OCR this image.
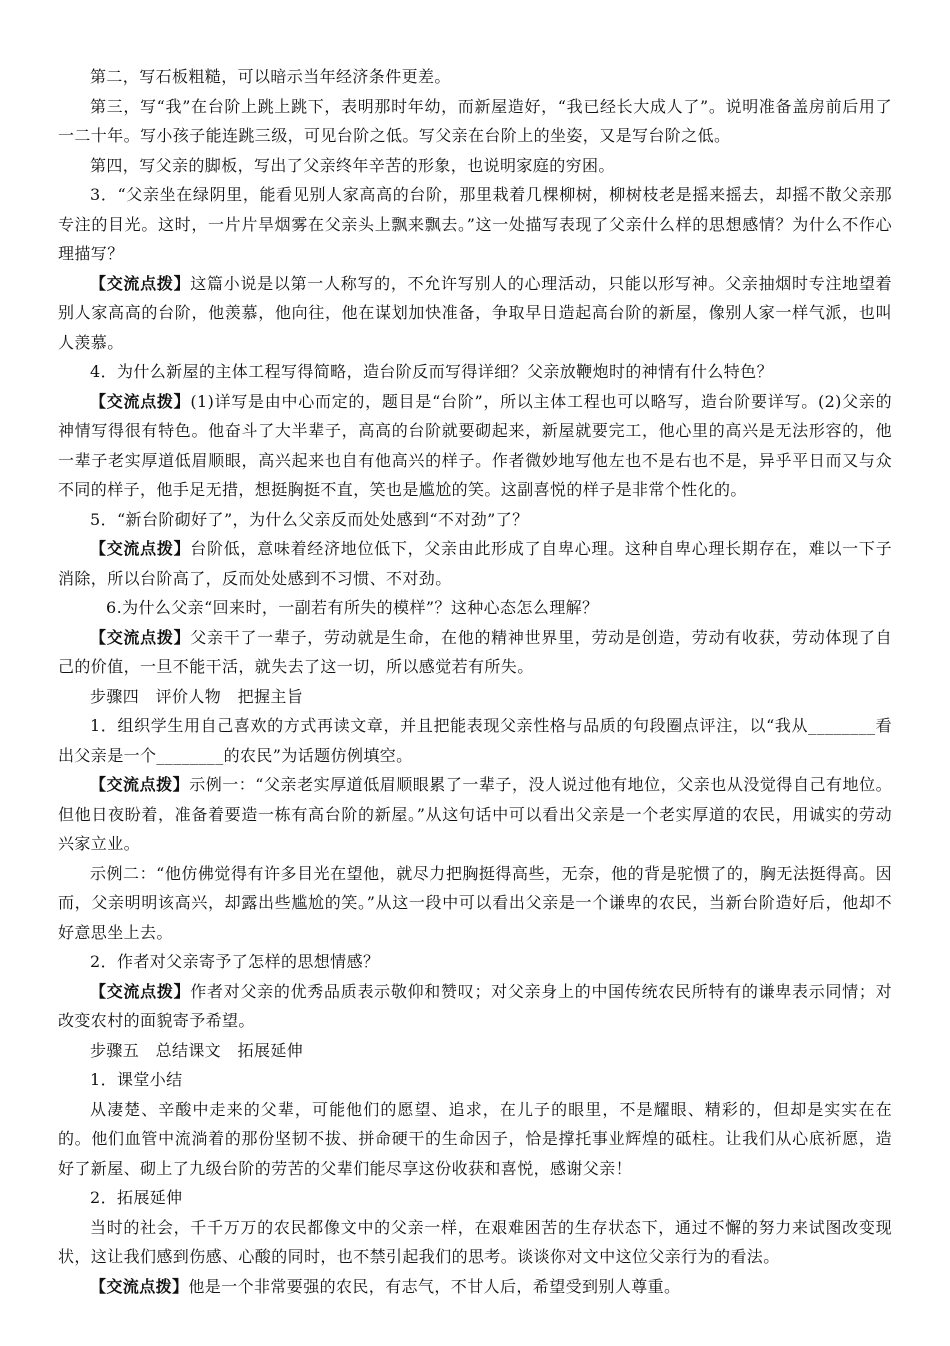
第二，写石板粗糙，可以暗示当年经济条件更差。

第三，写“我”在台阶上跳上跳下，表明那时年幼，而新屋造好，“我已经长大成人了”。说明准备盖房前后用了一二十年。写小孩子能连跳三级，可见台阶之低。写父亲在台阶上的坐姿，又是写台阶之低。

第四，写父亲的脚板，写出了父亲终年辛苦的形象，也说明家庭的穷困。

3．“父亲坐在绿阴里，能看见别人家高高的台阶，那里栽着几棵柳树，柳树枝老是摇来摇去，却摇不散父亲那专注的目光。这时，一片片旱烟雾在父亲头上飘来飘去。”这一处描写表现了父亲什么样的思想感情？为什么不作心理描写？

【交流点拨】这篇小说是以第一人称写的，不允许写别人的心理活动，只能以形写神。父亲抽烟时专注地望着别人家高高的台阶，他羡慕，他向往，他在谋划加快准备，争取早日造起高台阶的新屋，像别人家一样气派，也叫人羡慕。

4．为什么新屋的主体工程写得简略，造台阶反而写得详细？父亲放鞭炮时的神情有什么特色？

【交流点拨】(1)详写是由中心而定的，题目是“台阶”，所以主体工程也可以略写，造台阶要详写。(2)父亲的神情写得很有特色。他奋斗了大半辈子，高高的台阶就要砌起来，新屋就要完工，他心里的高兴是无法形容的，他一辈子老实厚道低眉顺眼，高兴起来也自有他高兴的样子。作者微妙地写他左也不是右也不是，异乎平日而又与众不同的样子，他手足无措，想挺胸挺不直，笑也是尴尬的笑。这副喜悦的样子是非常个性化的。

5．“新台阶砌好了”，为什么父亲反而处处感到“不对劲”了？

【交流点拨】台阶低，意味着经济地位低下，父亲由此形成了自卑心理。这种自卑心理长期存在，难以一下子消除，所以台阶高了，反而处处感到不习惯、不对劲。

6.为什么父亲“回来时，一副若有所失的模样”？这种心态怎么理解？

【交流点拨】父亲干了一辈子，劳动就是生命，在他的精神世界里，劳动是创造，劳动有收获，劳动体现了自己的价值，一旦不能干活，就失去了这一切，所以感觉若有所失。

步骤四　评价人物　把握主旨

1．组织学生用自己喜欢的方式再读文章，并且把能表现父亲性格与品质的句段圈点评注，以“我从________看出父亲是一个________的农民”为话题仿例填空。

【交流点拨】示例一：“父亲老实厚道低眉顺眼累了一辈子，没人说过他有地位，父亲也从没觉得自己有地位。但他日夜盼着，准备着要造一栋有高台阶的新屋。”从这句话中可以看出父亲是一个老实厚道的农民，用诚实的劳动兴家立业。

示例二：“他仿佛觉得有许多目光在望他，就尽力把胸挺得高些，无奈，他的背是驼惯了的，胸无法挺得高。因而，父亲明明该高兴，却露出些尴尬的笑。”从这一段中可以看出父亲是一个谦卑的农民，当新台阶造好后，他却不好意思坐上去。

2．作者对父亲寄予了怎样的思想情感？

【交流点拨】作者对父亲的优秀品质表示敬仰和赞叹；对父亲身上的中国传统农民所特有的谦卑表示同情；对改变农村的面貌寄予希望。

步骤五　总结课文　拓展延伸

1．课堂小结

从凄楚、辛酸中走来的父辈，可能他们的愿望、追求，在儿子的眼里，不是耀眼、精彩的，但却是实实在在的。他们血管中流淌着的那份坚韧不拔、拼命硬干的生命因子，恰是撑托事业辉煌的砥柱。让我们从心底祈愿，造好了新屋、砌上了九级台阶的劳苦的父辈们能尽享这份收获和喜悦，感谢父亲！

2．拓展延伸

当时的社会，千千万万的农民都像文中的父亲一样，在艰难困苦的生存状态下，通过不懈的努力来试图改变现状，这让我们感到伤感、心酸的同时，也不禁引起我们的思考。谈谈你对文中这位父亲行为的看法。

【交流点拨】他是一个非常要强的农民，有志气，不甘人后，希望受到别人尊重。
